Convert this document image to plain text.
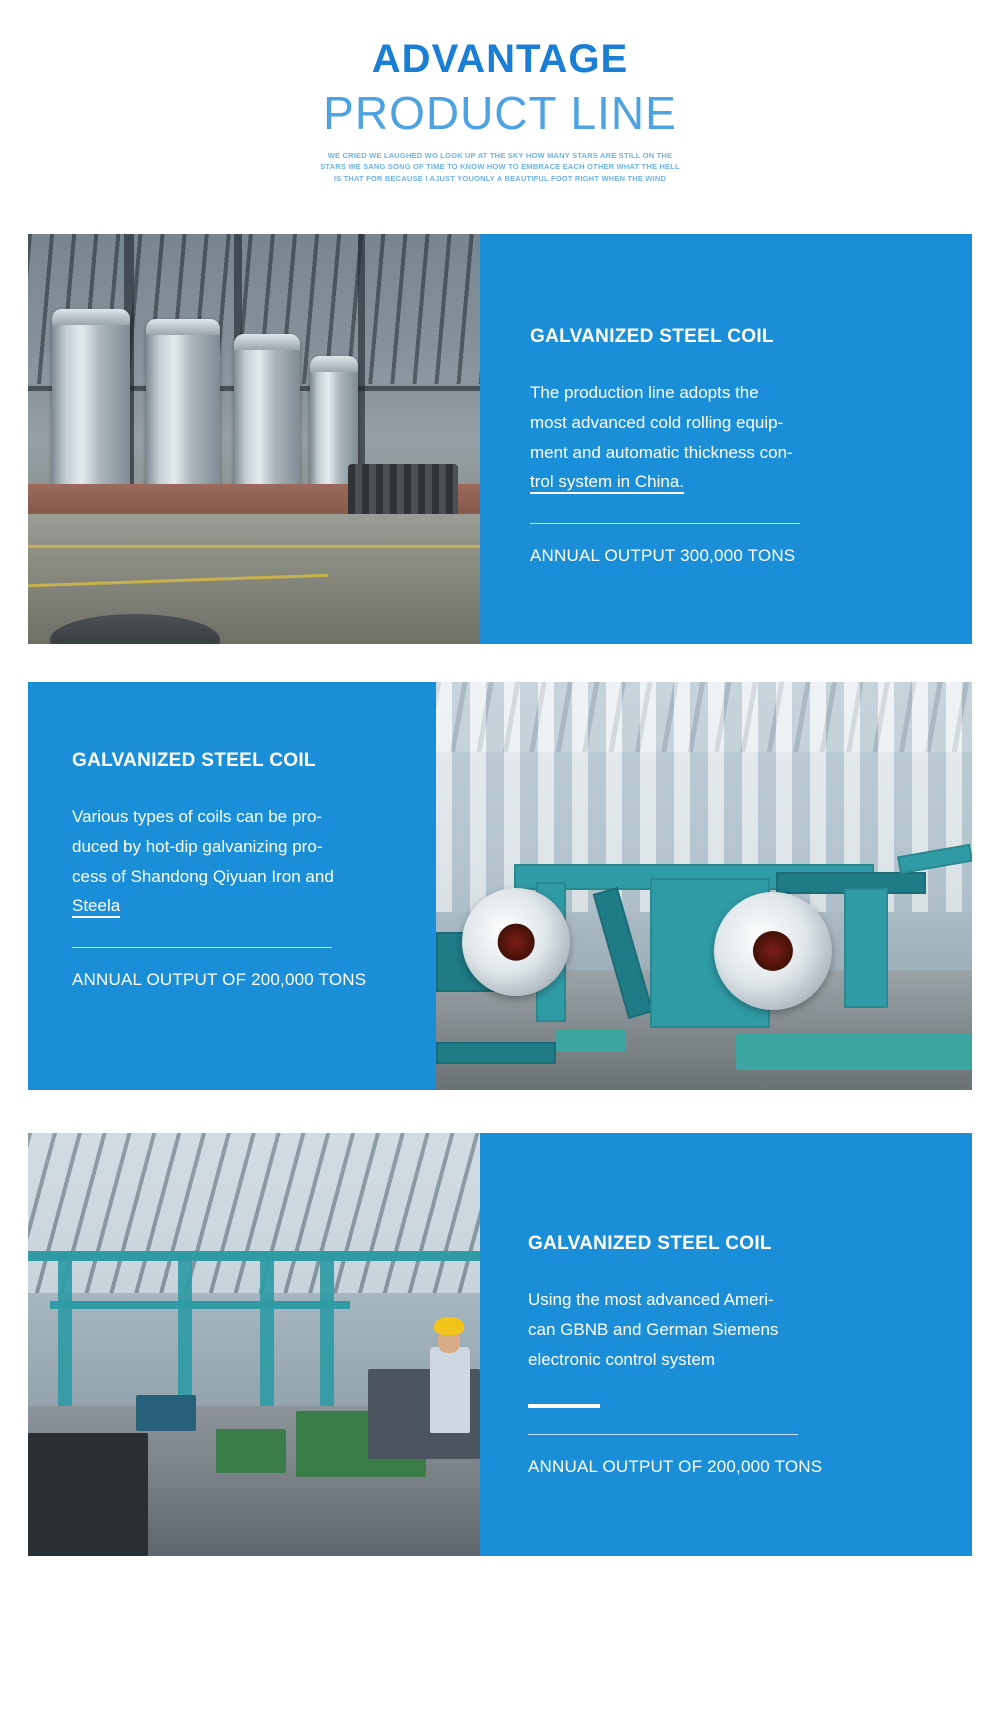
ADVANTAGE
PRODUCT LINE
WE CRIED WE LAUGHED WO LOOK UP AT THE SKY HOW MANY STARS ARE STILL ON THE STARS WE SANG SONG OF TIME TO KNOW HOW TO EMBRACE EACH OTHER WHAT THE HELL IS THAT FOR BECAUSE I AJUST YOUONLY A BEAUTIFUL FOOT RIGHT WHEN THE WIND
GALVANIZED STEEL COIL

The production line adopts the
most advanced cold rolling equip-
ment and automatic thickness con-
trol system in China.

ANNUAL OUTPUT 300,000 TONS

GALVANIZED STEEL COIL

Various types of coils can be pro-
duced by hot-dip galvanizing pro-
cess of Shandong Qiyuan Iron and
Steela

ANNUAL OUTPUT OF 200,000 TONS

GALVANIZED STEEL COIL

Using the most advanced Ameri-
can GBNB and German Siemens
electronic control system

ANNUAL OUTPUT OF 200,000 TONS
